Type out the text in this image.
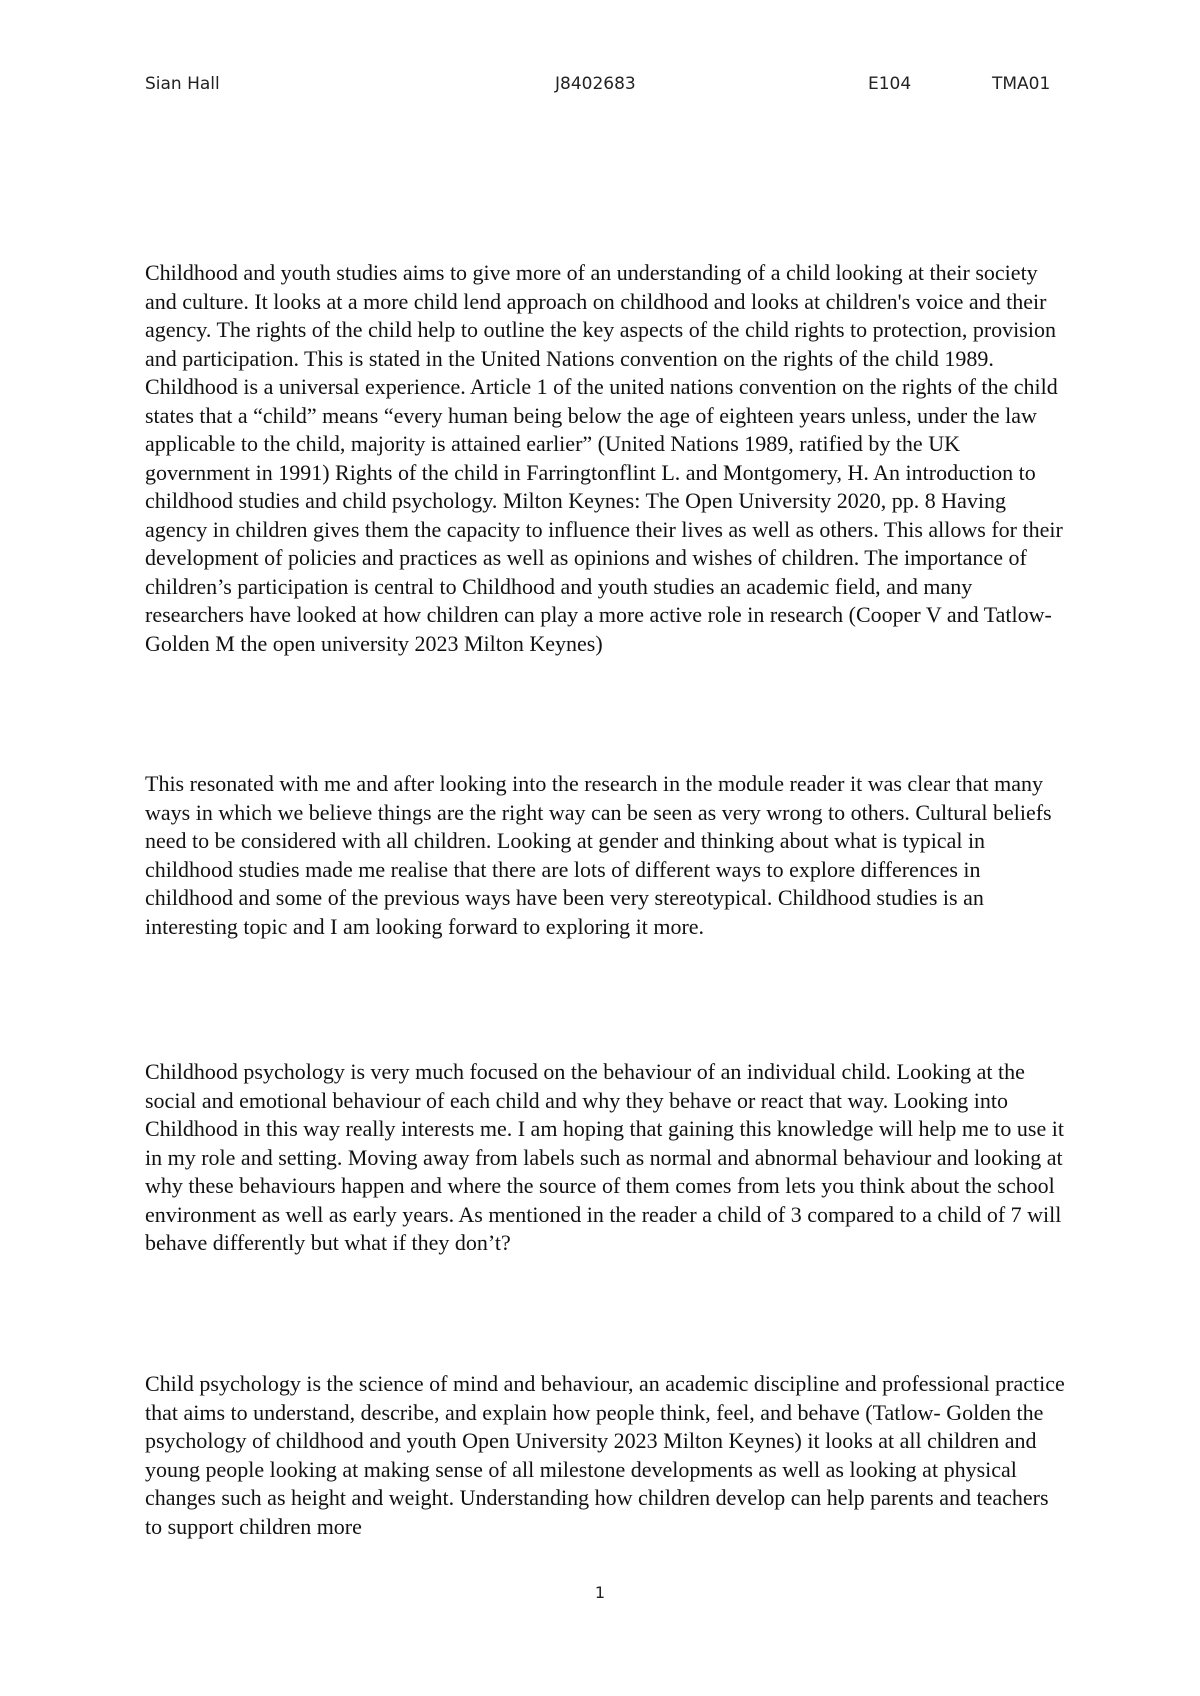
Sian Hall	J8402683	E104	TMA01

Childhood and youth studies aims to give more of an understanding of a child looking at their society and culture. It looks at a more child lend approach on childhood and looks at children's voice and their agency. The rights of the child help to outline the key aspects of the child rights to protection, provision and participation. This is stated in the United Nations convention on the rights of the child 1989. Childhood is a universal experience. Article 1 of the united nations convention on the rights of the child states that a “child” means “every human being below the age of eighteen years unless, under the law applicable to the child, majority is attained earlier” (United Nations 1989, ratified by the UK government in 1991) Rights of the child in Farringtonflint L. and Montgomery, H. An introduction to childhood studies and child psychology. Milton Keynes: The Open University 2020, pp. 8 Having agency in children gives them the capacity to influence their lives as well as others. This allows for their development of policies and practices as well as opinions and wishes of children. The importance of children’s participation is central to Childhood and youth studies an academic field, and many researchers have looked at how children can play a more active role in research (Cooper V and Tatlow-Golden M the open university 2023 Milton Keynes)

This resonated with me and after looking into the research in the module reader it was clear that many ways in which we believe things are the right way can be seen as very wrong to others. Cultural beliefs need to be considered with all children. Looking at gender and thinking about what is typical in childhood studies made me realise that there are lots of different ways to explore differences in childhood and some of the previous ways have been very stereotypical. Childhood studies is an interesting topic and I am looking forward to exploring it more.

Childhood psychology is very much focused on the behaviour of an individual child. Looking at the social and emotional behaviour of each child and why they behave or react that way. Looking into Childhood in this way really interests me. I am hoping that gaining this knowledge will help me to use it in my role and setting. Moving away from labels such as normal and abnormal behaviour and looking at why these behaviours happen and where the source of them comes from lets you think about the school environment as well as early years. As mentioned in the reader a child of 3 compared to a child of 7 will behave differently but what if they don’t?

Child psychology is the science of mind and behaviour, an academic discipline and professional practice that aims to understand, describe, and explain how people think, feel, and behave (Tatlow- Golden the psychology of childhood and youth Open University 2023 Milton Keynes) it looks at all children and young people looking at making sense of all milestone developments as well as looking at physical changes such as height and weight. Understanding how children develop can help parents and teachers to support children more

1
